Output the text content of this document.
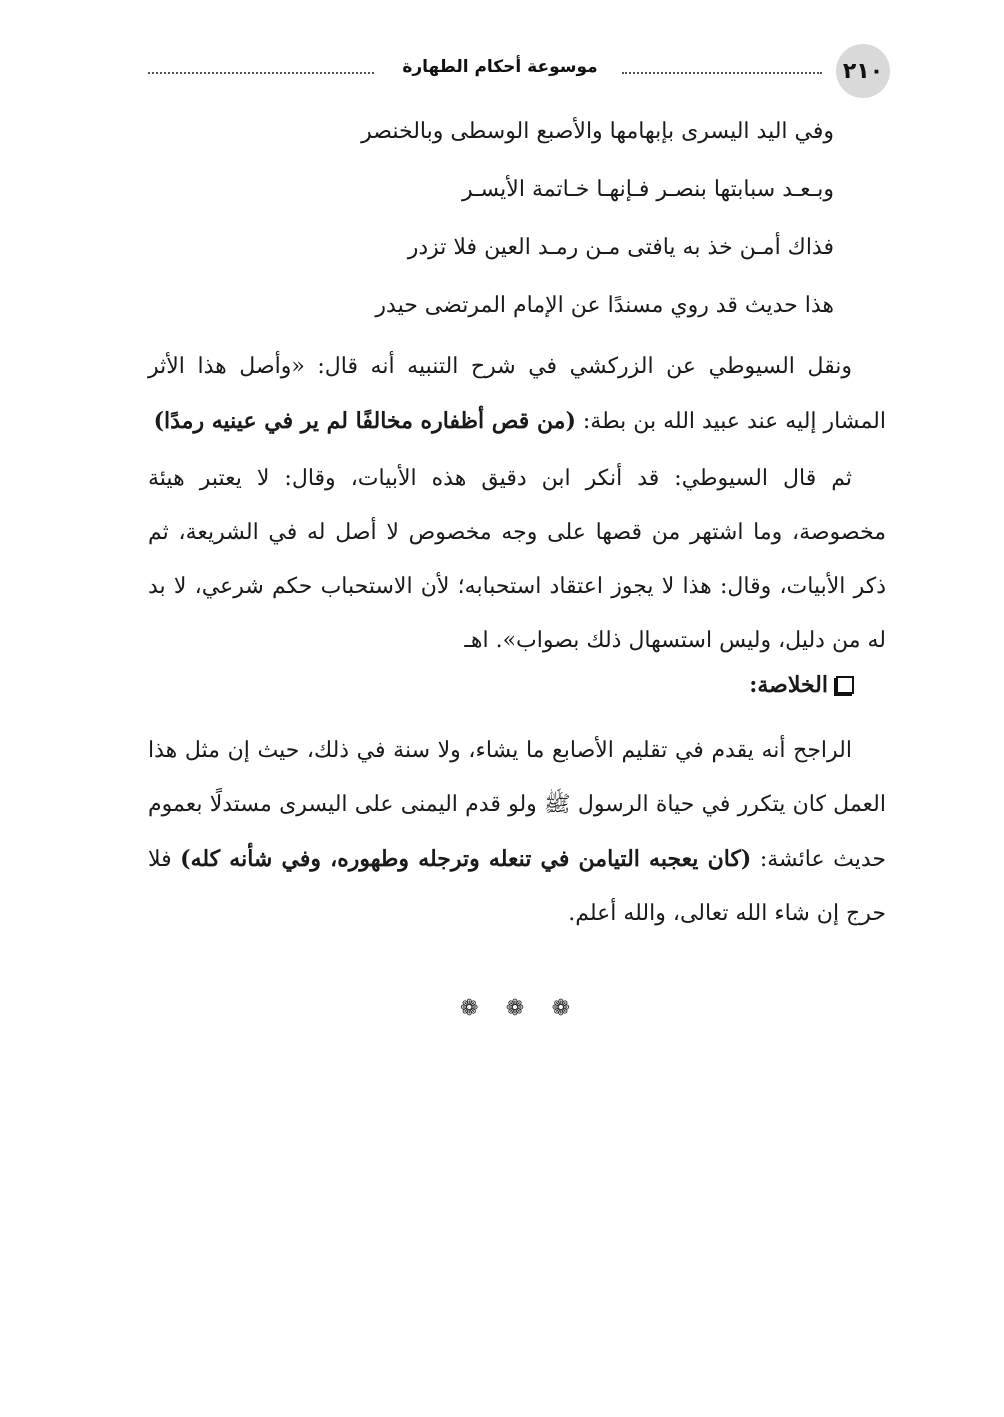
٢١٠
موسوعة أحكام الطهارة
وفي اليد اليسرى بإبهامها والأصبع الوسطى وبالخنصر
وبـعـد سبابتها بنصـر فـإنهـا خـاتمة الأيسـر
فذاك أمـن خذ به يافتى مـن رمـد العين فلا تزدر
هذا حديث قد روي مسندًا عن الإمام المرتضى حيدر
ونقل السيوطي عن الزركشي في شرح التنبيه أنه قال: «وأصل هذا الأثر المشار إليه عند عبيد الله بن بطة: (من قص أظفاره مخالفًا لم ير في عينيه رمدًا)
ثم قال السيوطي: قد أنكر ابن دقيق هذه الأبيات، وقال: لا يعتبر هيئة مخصوصة، وما اشتهر من قصها على وجه مخصوص لا أصل له في الشريعة، ثم ذكر الأبيات، وقال: هذا لا يجوز اعتقاد استحبابه؛ لأن الاستحباب حكم شرعي، لا بد له من دليل، وليس استسهال ذلك بصواب». اهـ
الخلاصة:
الراجح أنه يقدم في تقليم الأصابع ما يشاء، ولا سنة في ذلك، حيث إن مثل هذا العمل كان يتكرر في حياة الرسول ﷺ ولو قدم اليمنى على اليسرى مستدلًا بعموم حديث عائشة: (كان يعجبه التيامن في تنعله وترجله وطهوره، وفي شأنه كله) فلا حرج إن شاء الله تعالى، والله أعلم.
❁
❁
❁
